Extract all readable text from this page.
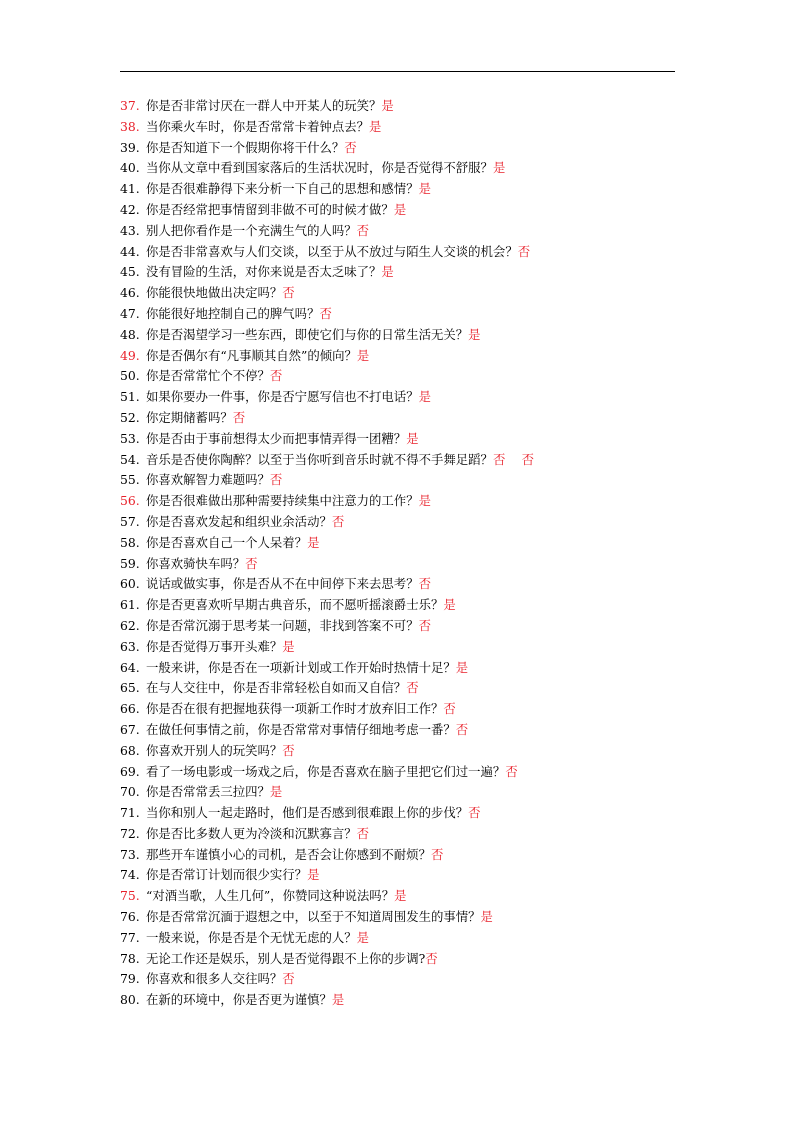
37. 你是否非常讨厌在一群人中开某人的玩笑？是
38. 当你乘火车时，你是否常常卡着钟点去？是
39. 你是否知道下一个假期你将干什么？否
40. 当你从文章中看到国家落后的生活状况时，你是否觉得不舒服？是
41. 你是否很难静得下来分析一下自己的思想和感情？是
42. 你是否经常把事情留到非做不可的时候才做？是
43. 别人把你看作是一个充满生气的人吗？否
44. 你是否非常喜欢与人们交谈，以至于从不放过与陌生人交谈的机会？否
45. 没有冒险的生活，对你来说是否太乏味了？是
46. 你能很快地做出决定吗？否
47. 你能很好地控制自己的脾气吗？否
48. 你是否渴望学习一些东西，即使它们与你的日常生活无关？是
49. 你是否偶尔有“凡事顺其自然”的倾向？是
50. 你是否常常忙个不停？否
51. 如果你要办一件事，你是否宁愿写信也不打电话？是
52. 你定期储蓄吗？否
53. 你是否由于事前想得太少而把事情弄得一团糟？是
54. 音乐是否使你陶醉？以至于当你听到音乐时就不得不手舞足蹈？否　 否
55. 你喜欢解智力难题吗？否
56. 你是否很难做出那种需要持续集中注意力的工作？是
57. 你是否喜欢发起和组织业余活动？否
58. 你是否喜欢自己一个人呆着？是
59. 你喜欢骑快车吗？否
60. 说话或做实事，你是否从不在中间停下来去思考？否
61. 你是否更喜欢听早期古典音乐，而不愿听摇滚爵士乐？是
62. 你是否常沉溺于思考某一问题，非找到答案不可？否
63. 你是否觉得万事开头难？是
64. 一般来讲，你是否在一项新计划或工作开始时热情十足？是
65. 在与人交往中，你是否非常轻松自如而又自信？否
66. 你是否在很有把握地获得一项新工作时才放弃旧工作？否
67. 在做任何事情之前，你是否常常对事情仔细地考虑一番？否
68. 你喜欢开别人的玩笑吗？否
69. 看了一场电影或一场戏之后，你是否喜欢在脑子里把它们过一遍？否
70. 你是否常常丢三拉四？是
71. 当你和别人一起走路时，他们是否感到很难跟上你的步伐？否
72. 你是否比多数人更为冷淡和沉默寡言？否
73. 那些开车谨慎小心的司机，是否会让你感到不耐烦？否
74. 你是否常订计划而很少实行？是
75. “对酒当歌，人生几何”，你赞同这种说法吗？是
76. 你是否常常沉湎于遐想之中，以至于不知道周围发生的事情？是
77. 一般来说，你是否是个无忧无虑的人？是
78. 无论工作还是娱乐，别人是否觉得跟不上你的步调?否
79. 你喜欢和很多人交往吗？否
80. 在新的环境中，你是否更为谨慎？是
